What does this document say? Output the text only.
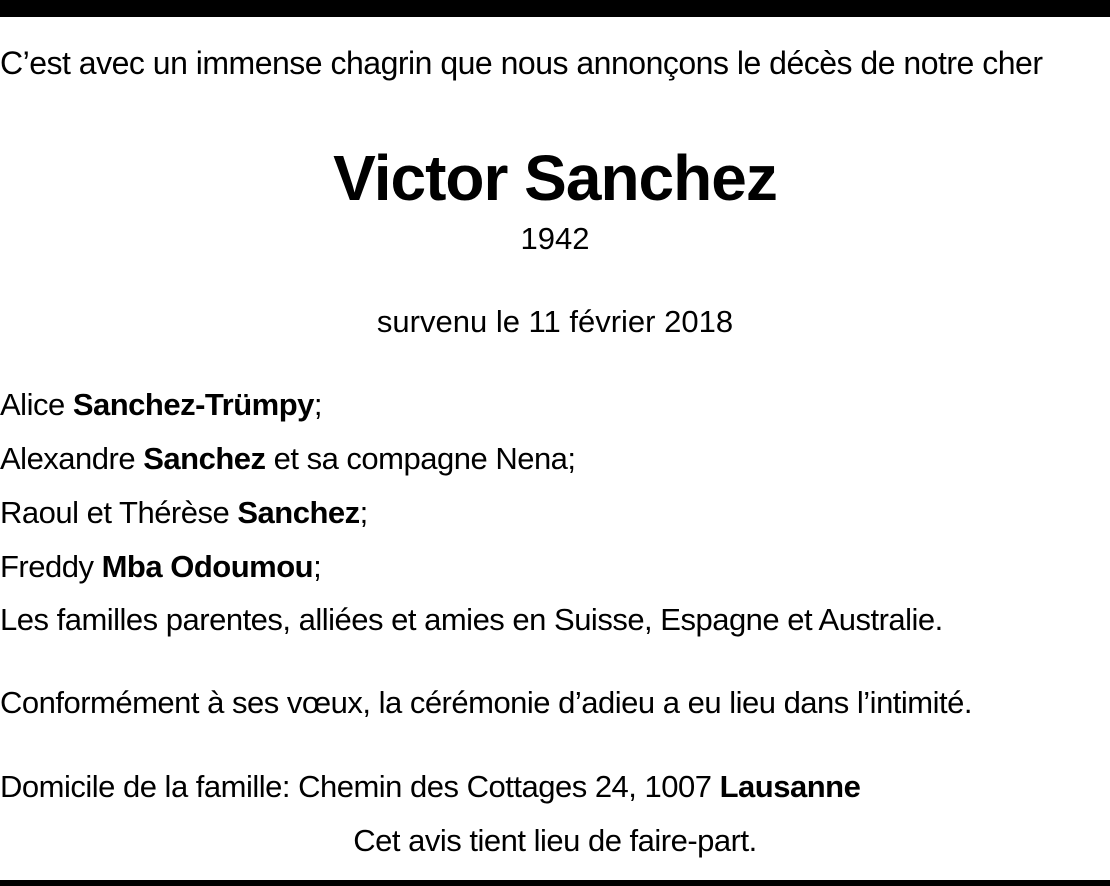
C’est avec un immense chagrin que nous annonçons le décès de notre cher
Victor Sanchez
1942
survenu le 11 février 2018
Alice Sanchez-Trümpy;
Alexandre Sanchez et sa compagne Nena;
Raoul et Thérèse Sanchez;
Freddy Mba Odoumou;
Les familles parentes, alliées et amies en Suisse, Espagne et Australie.
Conformément à ses vœux, la cérémonie d’adieu a eu lieu dans l’intimité.
Domicile de la famille: Chemin des Cottages 24, 1007 Lausanne
Cet avis tient lieu de faire-part.
